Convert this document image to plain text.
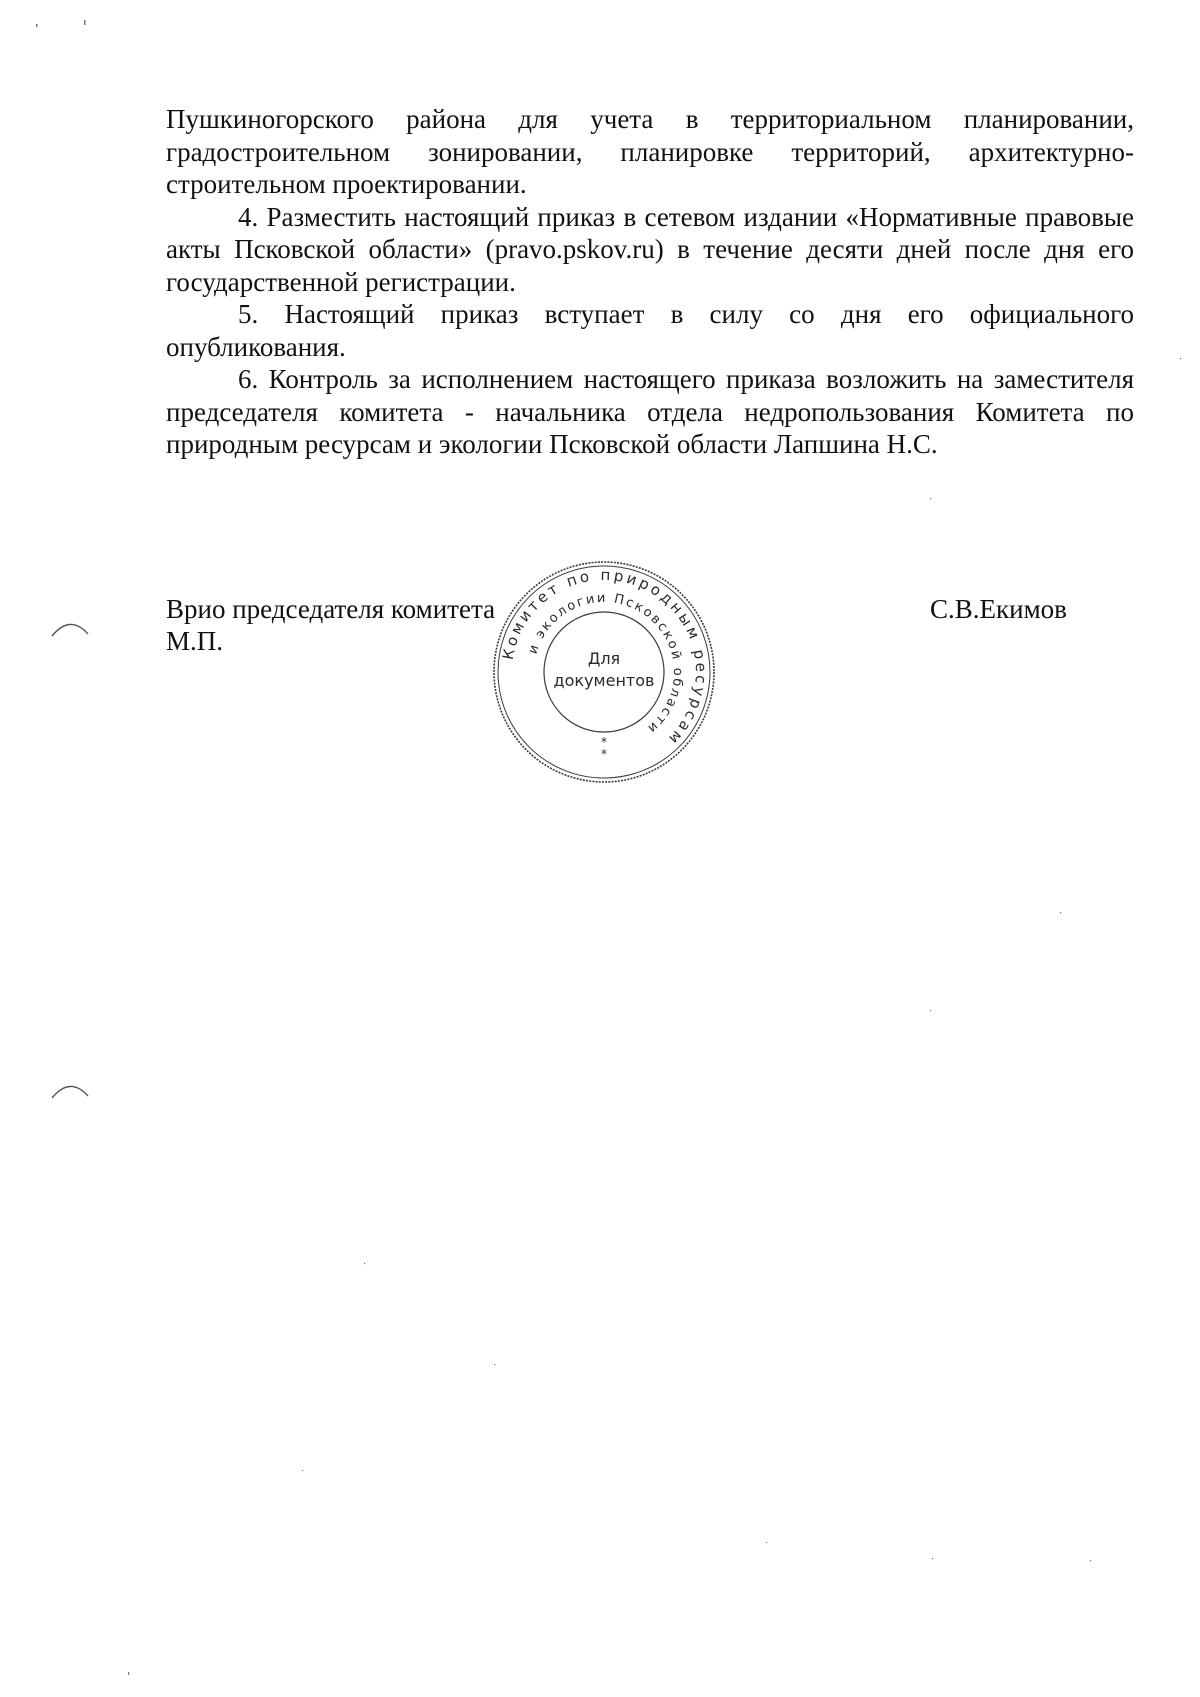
Пушкиногорского района для учета в территориальном планировании, градостроительном зонировании, планировке территорий, архитектурно-строительном проектировании.

4. Разместить настоящий приказ в сетевом издании «Нормативные правовые акты Псковской области» (pravo.pskov.ru) в течение десяти дней после дня его государственной регистрации.

5. Настоящий приказ вступает в силу со дня его официального опубликования.

6. Контроль за исполнением настоящего приказа возложить на заместителя председателя комитета - начальника отдела недропользования Комитета по природным ресурсам и экологии Псковской области Лапшина Н.С.

Врио председателя комитета
М.П.
С.В.Екимов
Комитет по природным ресурсам
и экологии Псковской области
Для
документов
*
*
